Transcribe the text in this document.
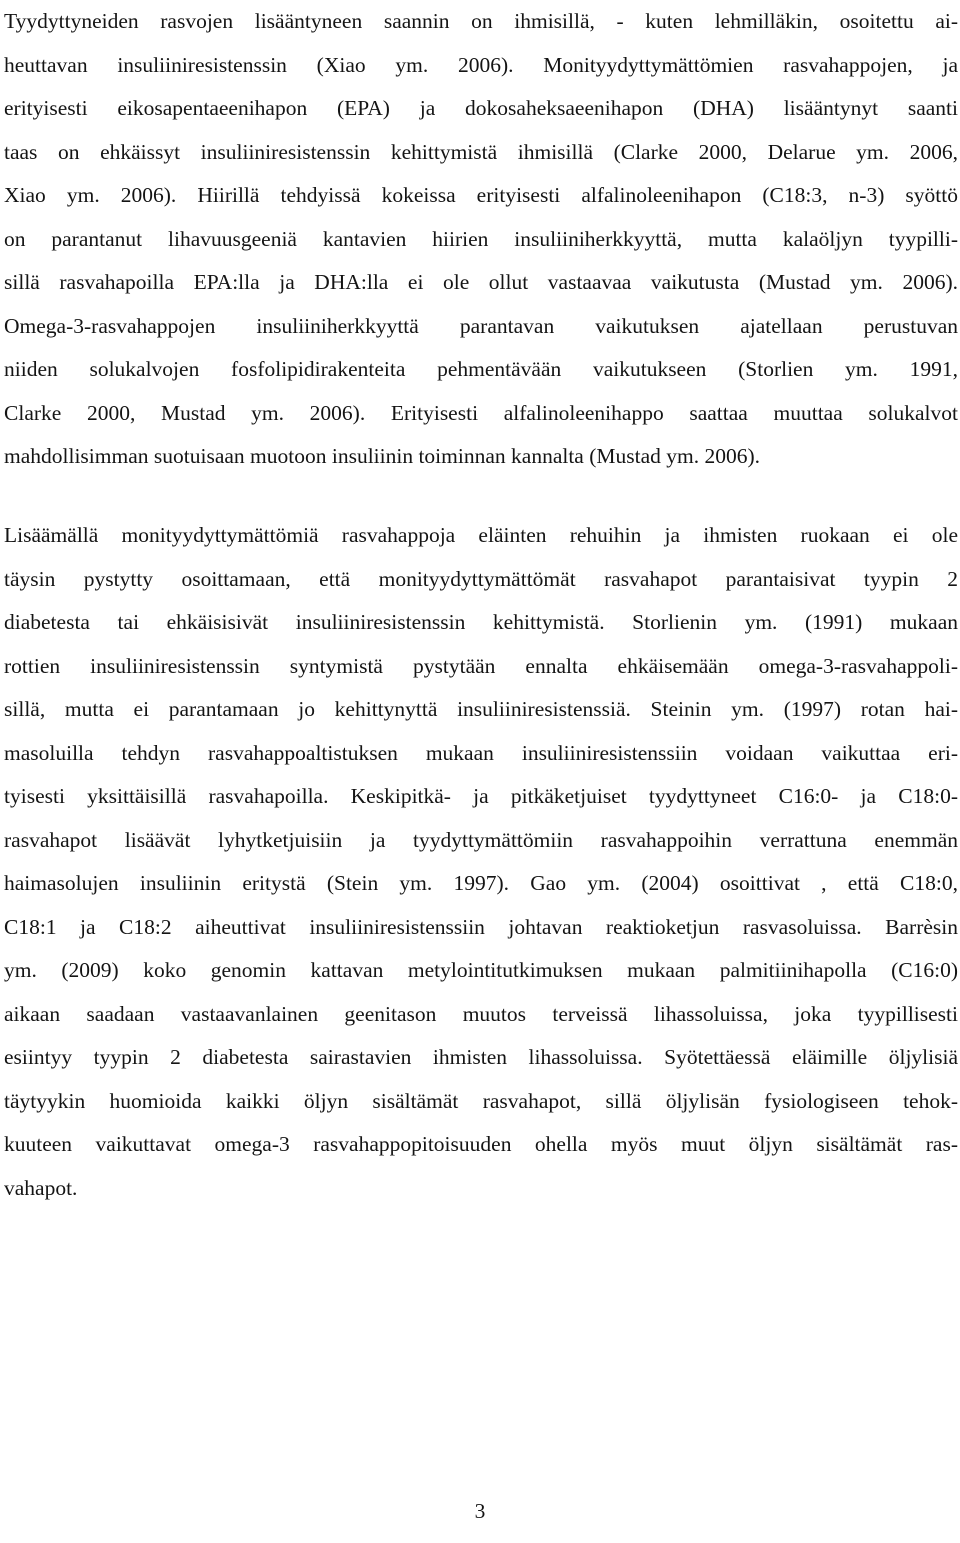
Tyydyttyneiden rasvojen lisääntyneen saannin on ihmisillä, - kuten lehmilläkin, osoitettu ai-
heuttavan insuliiniresistenssin (Xiao ym. 2006). Monityydyttymättömien rasvahappojen, ja
erityisesti eikosapentaeenihapon (EPA) ja dokosaheksaeenihapon (DHA) lisääntynyt saanti
taas on ehkäissyt insuliiniresistenssin kehittymistä ihmisillä (Clarke 2000, Delarue ym. 2006,
Xiao ym. 2006). Hiirillä tehdyissä kokeissa erityisesti alfalinoleenihapon (C18:3, n-3) syöttö
on parantanut lihavuusgeeniä kantavien hiirien insuliiniherkkyyttä, mutta kalaöljyn tyypilli-
sillä rasvahapoilla EPA:lla ja DHA:lla ei ole ollut vastaavaa vaikutusta (Mustad ym. 2006).
Omega-3-rasvahappojen insuliiniherkkyyttä parantavan vaikutuksen ajatellaan perustuvan
niiden solukalvojen fosfolipidirakenteita pehmentävään vaikutukseen (Storlien ym. 1991,
Clarke 2000, Mustad ym. 2006). Erityisesti alfalinoleenihappo saattaa muuttaa solukalvot
mahdollisimman suotuisaan muotoon insuliinin toiminnan kannalta (Mustad ym. 2006).
Lisäämällä monityydyttymättömiä rasvahappoja eläinten rehuihin ja ihmisten ruokaan ei ole
täysin pystytty osoittamaan, että monityydyttymättömät rasvahapot parantaisivat tyypin 2
diabetesta tai ehkäisisivät insuliiniresistenssin kehittymistä. Storlienin ym. (1991) mukaan
rottien insuliiniresistenssin syntymistä pystytään ennalta ehkäisemään omega-3-rasvahappoli-
sillä, mutta ei parantamaan jo kehittynyttä insuliiniresistenssiä. Steinin ym. (1997) rotan hai-
masoluilla tehdyn rasvahappoaltistuksen mukaan insuliiniresistenssiin voidaan vaikuttaa eri-
tyisesti yksittäisillä rasvahapoilla. Keskipitkä- ja pitkäketjuiset tyydyttyneet C16:0- ja C18:0-
rasvahapot lisäävät lyhytketjuisiin ja tyydyttymättömiin rasvahappoihin verrattuna enemmän
haimasolujen insuliinin eritystä (Stein ym. 1997). Gao ym. (2004) osoittivat , että C18:0,
C18:1 ja C18:2 aiheuttivat insuliiniresistenssiin johtavan reaktioketjun rasvasoluissa. Barrèsin
ym. (2009) koko genomin kattavan metylointitutkimuksen mukaan palmitiinihapolla (C16:0)
aikaan saadaan vastaavanlainen geenitason muutos terveissä lihassoluissa, joka tyypillisesti
esiintyy tyypin 2 diabetesta sairastavien ihmisten lihassoluissa. Syötettäessä eläimille öljylisiä
täytyykin huomioida kaikki öljyn sisältämät rasvahapot, sillä öljylisän fysiologiseen tehok-
kuuteen vaikuttavat omega-3 rasvahappopitoisuuden ohella myös muut öljyn sisältämät ras-
vahapot.
3
